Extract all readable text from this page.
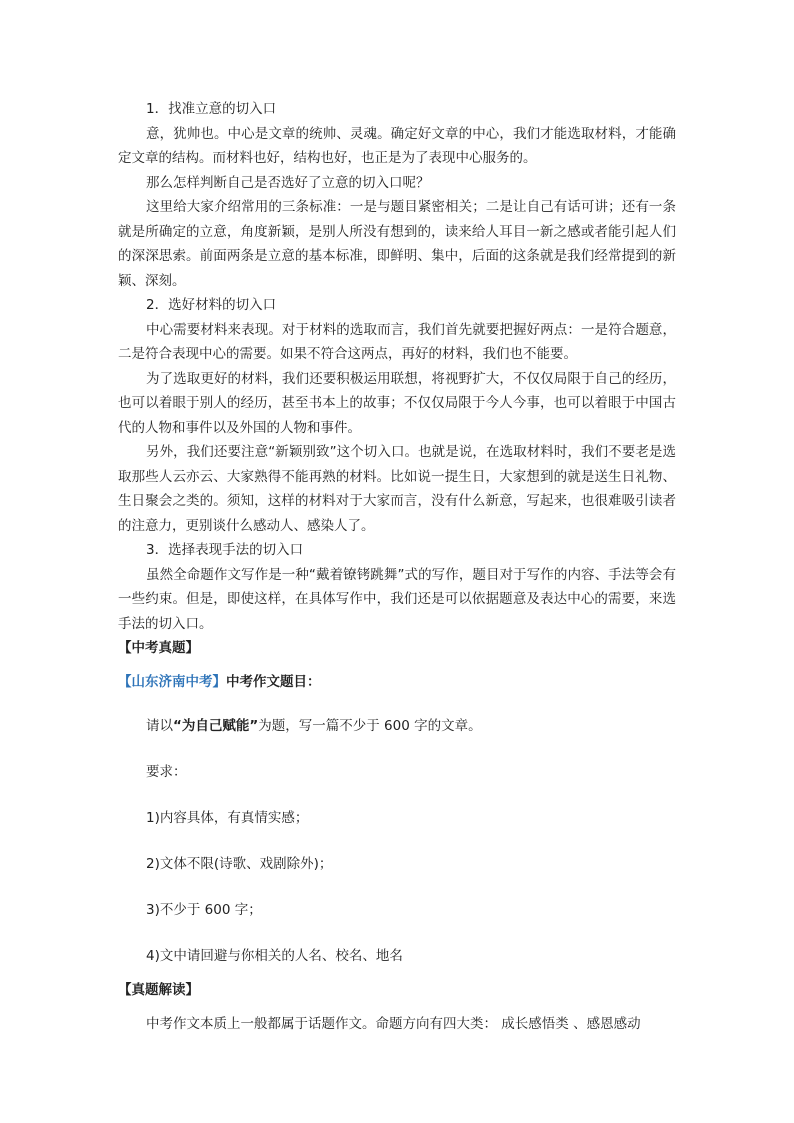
1．找准立意的切入口

意，犹帅也。中心是文章的统帅、灵魂。确定好文章的中心，我们才能选取材料，才能确定文章的结构。而材料也好，结构也好，也正是为了表现中心服务的。

那么怎样判断自己是否选好了立意的切入口呢？

这里给大家介绍常用的三条标准：一是与题目紧密相关；二是让自己有话可讲；还有一条就是所确定的立意，角度新颖，是别人所没有想到的，读来给人耳目一新之感或者能引起人们的深深思索。前面两条是立意的基本标准，即鲜明、集中，后面的这条就是我们经常提到的新颖、深刻。

2．选好材料的切入口

中心需要材料来表现。对于材料的选取而言，我们首先就要把握好两点：一是符合题意，二是符合表现中心的需要。如果不符合这两点，再好的材料，我们也不能要。

为了选取更好的材料，我们还要积极运用联想，将视野扩大，不仅仅局限于自己的经历，也可以着眼于别人的经历，甚至书本上的故事；不仅仅局限于今人今事，也可以着眼于中国古代的人物和事件以及外国的人物和事件。

另外，我们还要注意“新颖别致”这个切入口。也就是说，在选取材料时，我们不要老是选取那些人云亦云、大家熟得不能再熟的材料。比如说一提生日，大家想到的就是送生日礼物、生日聚会之类的。须知，这样的材料对于大家而言，没有什么新意，写起来，也很难吸引读者的注意力，更别谈什么感动人、感染人了。

3．选择表现手法的切入口

虽然全命题作文写作是一种“戴着镣铐跳舞”式的写作，题目对于写作的内容、手法等会有一些约束。但是，即使这样，在具体写作中，我们还是可以依据题意及表达中心的需要，来选手法的切入口。

【中考真题】

【山东济南中考】中考作文题目：

请以“为自己赋能”为题，写一篇不少于 600 字的文章。

要求：

1)内容具体，有真情实感；

2)文体不限(诗歌、戏剧除外)；

3)不少于 600 字；

4)文中请回避与你相关的人名、校名、地名

【真题解读】

中考作文本质上一般都属于话题作文。命题方向有四大类： 成长感悟类 、感恩感动
